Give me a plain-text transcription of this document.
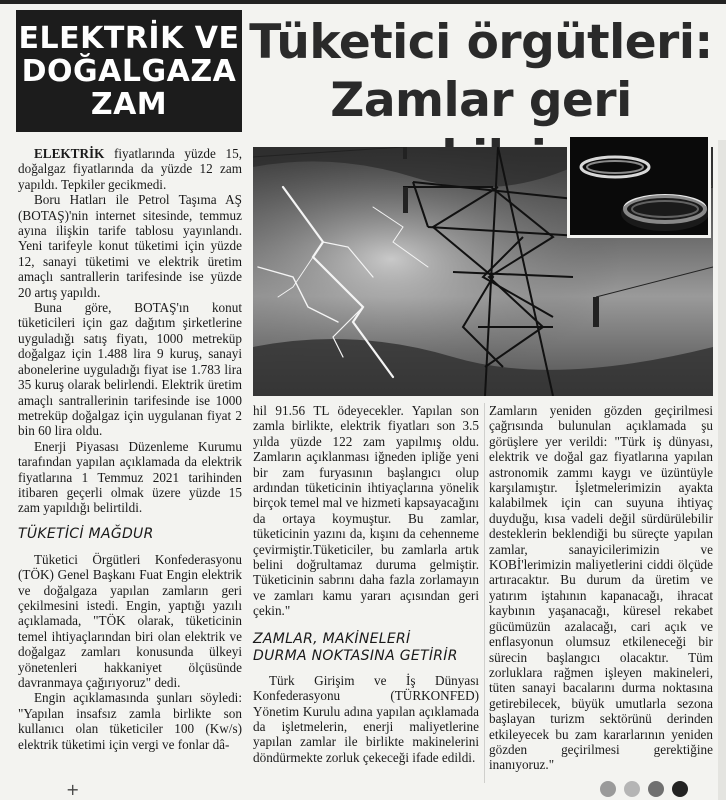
ELEKTRİK VE
DOĞALGAZA
ZAM
Tüketici örgütleri:
Zamlar geri

ELEKTRİK fiyatlarında yüzde 15, doğalgaz fiyatlarında da yüzde 12 zam yapıldı. Tepkiler gecikmedi.

Boru Hatları ile Petrol Taşıma AŞ (BOTAŞ)'nin internet sitesinde, temmuz ayına ilişkin tarife tablosu yayınlandı. Yeni tarifeyle konut tüketimi için yüzde 12, sanayi tüketimi ve elektrik üretim amaçlı santrallerin tarifesinde ise yüzde 20 artış yapıldı.

Buna göre, BOTAŞ'ın konut tüketicileri için gaz dağıtım şirketlerine uyguladığı satış fiyatı, 1000 metreküp doğalgaz için 1.488 lira 9 kuruş, sanayi abonelerine uyguladığı fiyat ise 1.783 lira 35 kuruş olarak belirlendi. Elektrik üretim amaçlı santrallerinin tarifesinde ise 1000 metreküp doğalgaz için uygulanan fiyat 2 bin 60 lira oldu.

Enerji Piyasası Düzenleme Kurumu tarafından yapılan açıklamada da elektrik fiyatlarına 1 Temmuz 2021 tarihinden itibaren geçerli olmak üzere yüzde 15 zam yapıldığı belirtildi.

TÜKETİCİ MAĞDUR

Tüketici Örgütleri Konfederasyonu (TÖK) Genel Başkanı Fuat Engin elektrik ve doğalgaza yapılan zamların geri çekilmesini istedi. Engin, yaptığı yazılı açıklamada, "TÖK olarak, tüketicinin temel ihtiyaçlarından biri olan elektrik ve doğalgaz zamları konusunda ülkeyi yönetenleri hakkaniyet ölçüsünde davranmaya çağırıyoruz" dedi.

Engin açıklamasında şunları söyledi: "Yapılan insafsız zamla birlikte son kullanıcı olan tüketiciler 100 (Kw/s) elektrik tüketimi için vergi ve fonlar dâ-

hil 91.56 TL ödeyecekler. Yapılan son zamla birlikte, elektrik fiyatları son 3.5 yılda yüzde 122 zam yapılmış oldu. Zamların açıklanması iğneden ipliğe yeni bir zam furyasının başlangıcı olup ardından tüketicinin ihtiyaçlarına yönelik birçok temel mal ve hizmeti kapsayacağını da ortaya koymuştur. Bu zamlar, tüketicinin yazını da, kışını da cehenneme çevirmiştir.Tüketiciler, bu zamlarla artık belini doğrultamaz duruma gelmiştir. Tüketicinin sabrını daha fazla zorlamayın ve zamları kamu yararı açısından geri çekin."

ZAMLAR, MAKİNELERİ
DURMA NOKTASINA GETİRİR

Türk Girişim ve İş Dünyası Konfederasyonu (TÜRKONFED) Yönetim Kurulu adına yapılan açıklamada da işletmelerin, enerji maliyetlerine yapılan zamlar ile birlikte makinelerini döndürmekte zorluk çekeceği ifade edildi.

Zamların yeniden gözden geçirilmesi çağrısında bulunulan açıklamada şu görüşlere yer verildi: "Türk iş dünyası, elektrik ve doğal gaz fiyatlarına yapılan astronomik zammı kaygı ve üzüntüyle karşılamıştır. İşletmelerimizin ayakta kalabilmek için can suyuna ihtiyaç duyduğu, kısa vadeli değil sürdürülebilir desteklerin beklendiği bu süreçte yapılan zamlar, sanayicilerimizin ve KOBİ'lerimizin maliyetlerini ciddi ölçüde artıracaktır. Bu durum da üretim ve yatırım iştahının kapanacağı, ihracat kaybının yaşanacağı, küresel rekabet gücümüzün azalacağı, cari açık ve enflasyonun olumsuz etkileneceği bir sürecin başlangıcı olacaktır. Tüm zorluklara rağmen işleyen makineleri, tüten sanayi bacalarını durma noktasına getirebilecek, büyük umutlarla sezona başlayan turizm sektörünü derinden etkileyecek bu zam kararlarının yeniden gözden geçirilmesi gerektiğine inanıyoruz."

+
